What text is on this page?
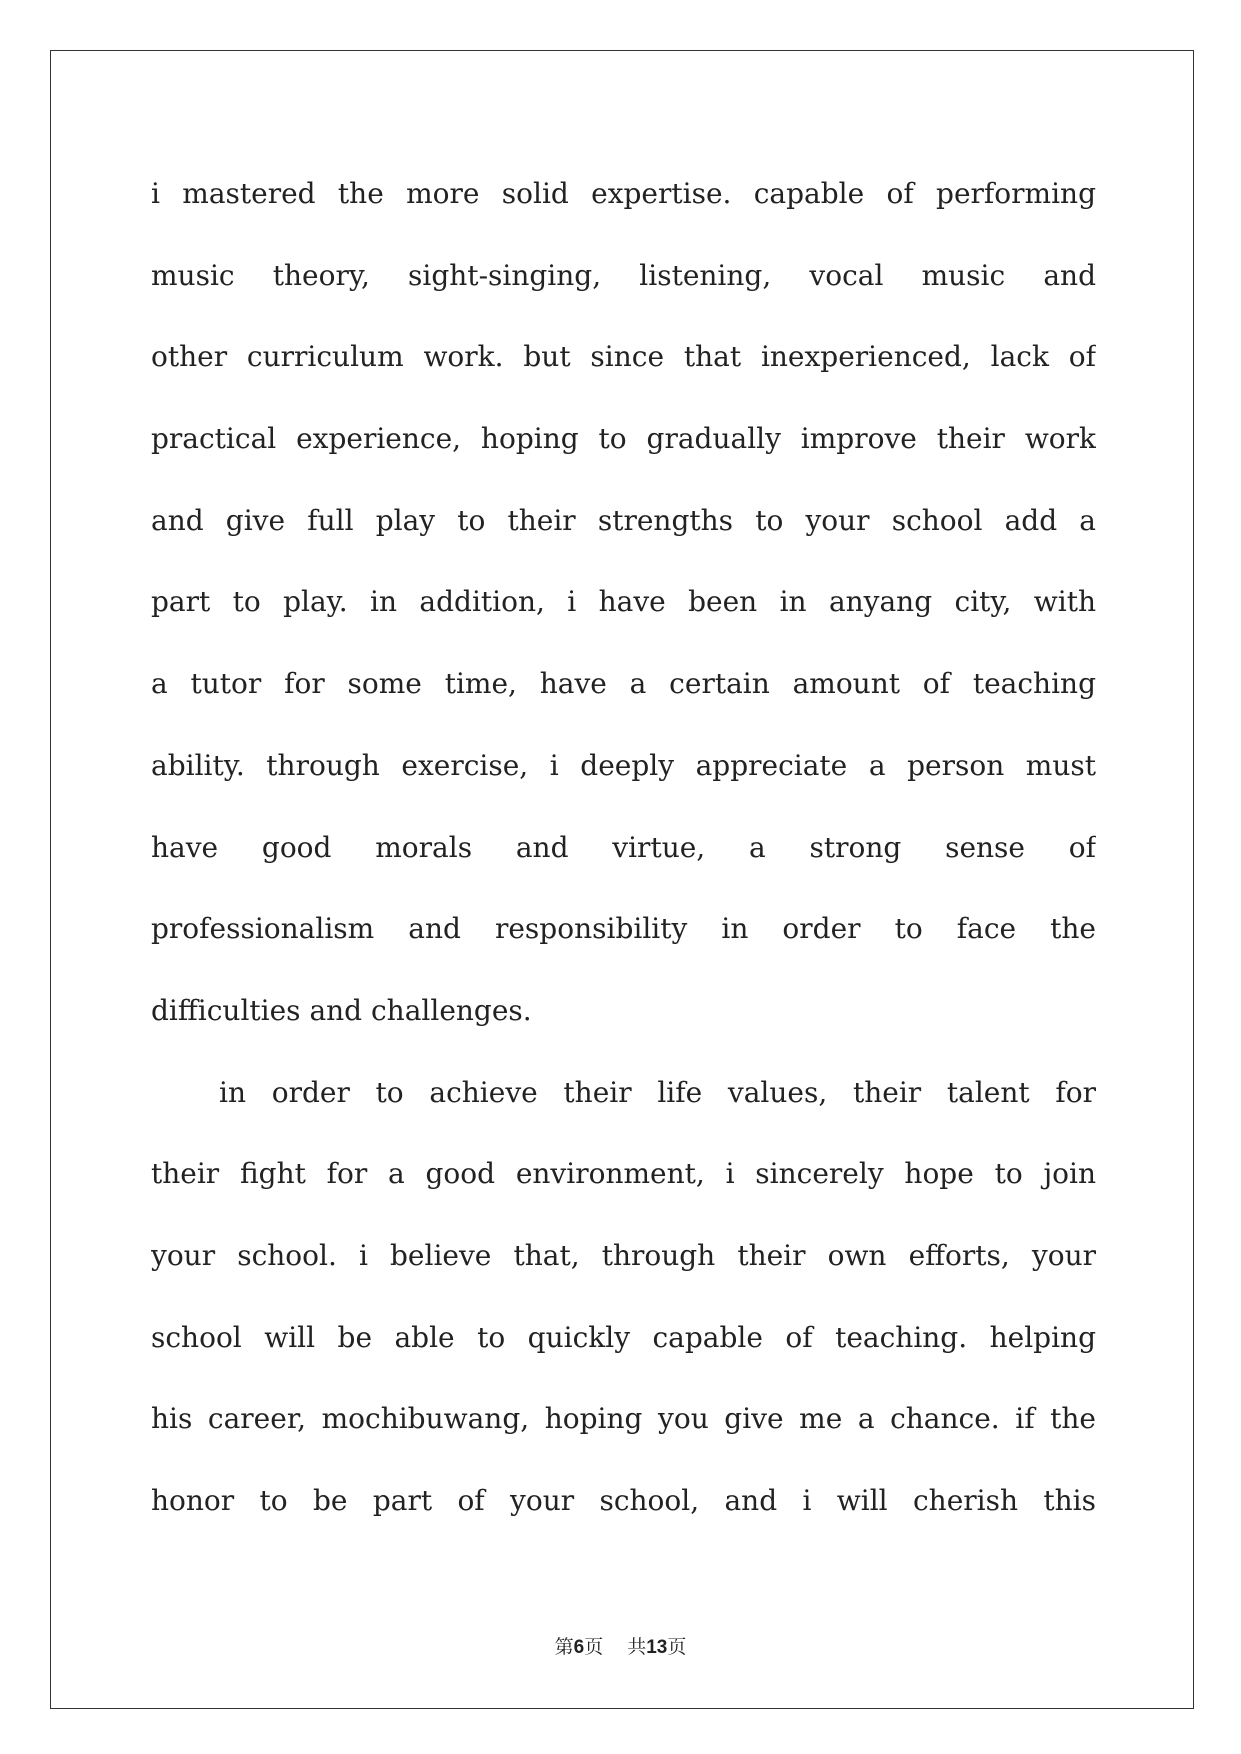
i mastered the more solid expertise. capable of performing
music theory, sight-singing, listening, vocal music and
other curriculum work. but since that inexperienced, lack of
practical experience, hoping to gradually improve their work
and give full play to their strengths to your school add a
part to play. in addition, i have been in anyang city, with
a tutor for some time, have a certain amount of teaching
ability. through exercise, i deeply appreciate a person must
have good morals and virtue, a strong sense of
professionalism and responsibility in order to face the
difficulties and challenges.
in order to achieve their life values, their talent for
their fight for a good environment, i sincerely hope to join
your school. i believe that, through their own efforts, your
school will be able to quickly capable of teaching. helping
his career, mochibuwang, hoping you give me a chance. if the
honor to be part of your school, and i will cherish this
第6页 共13页
